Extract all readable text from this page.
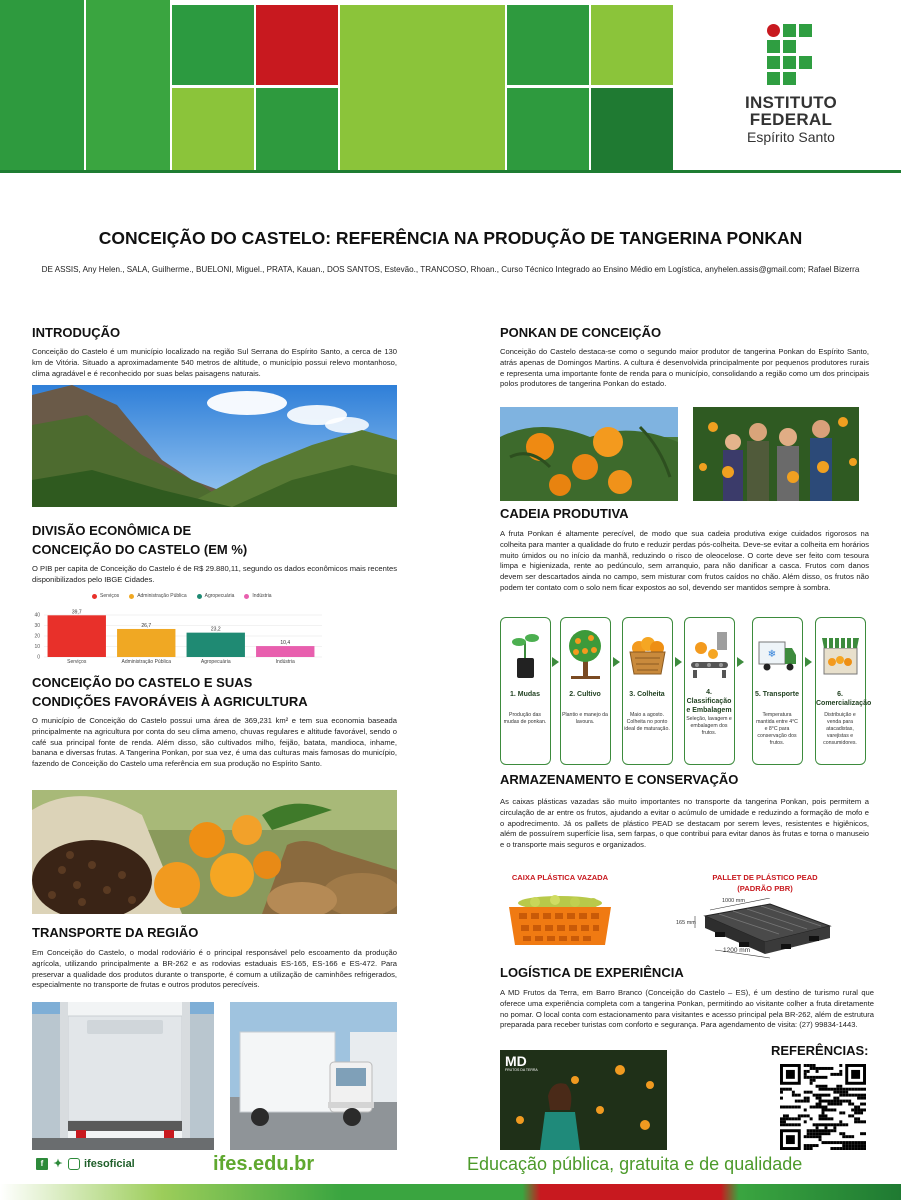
INSTITUTO
FEDERAL
Espírito Santo
CONCEIÇÃO DO CASTELO: REFERÊNCIA NA PRODUÇÃO DE TANGERINA PONKAN
DE ASSIS, Any Helen., SALA, Guilherme., BUELONI, Miguel., PRATA, Kauan., DOS SANTOS, Estevão., TRANCOSO, Rhoan., Curso Técnico Integrado ao Ensino Médio em Logística, anyhelen.assis@gmail.com; Rafael Bizerra
INTRODUÇÃO
Conceição do Castelo é um município localizado na região Sul Serrana do Espírito Santo, a cerca de 130 km de Vitória. Situado a aproximadamente 540 metros de altitude, o município possui relevo montanhoso, clima agradável e é reconhecido por suas belas paisagens naturais.
DIVISÃO ECONÔMICA DE
CONCEIÇÃO DO CASTELO (EM %)
O PIB per capita de Conceição do Castelo é de R$ 29.880,11, segundo os dados econômicos mais recentes disponibilizados pelo IBGE Cidades.
Serviços	Administração Pública	Agropecuária	Indústria
0
10
20
30
40
39,7
Serviços
26,7
Administração Pública
23,2
Agropecuária
10,4
Indústria
CONCEIÇÃO DO CASTELO E SUAS
CONDIÇÕES FAVORÁVEIS À AGRICULTURA
O município de Conceição do Castelo possui uma área de 369,231 km² e tem sua economia baseada principalmente na agricultura por conta do seu clima ameno, chuvas regulares e altitude favorável, sendo o café sua principal fonte de renda. Além disso, são cultivados milho, feijão, batata, mandioca, inhame, banana e diversas frutas. A Tangerina Ponkan, por sua vez, é uma das culturas mais famosas do município, fazendo de Conceição do Castelo uma referência em sua produção no Espírito Santo.
TRANSPORTE DA REGIÃO
Em Conceição do Castelo, o modal rodoviário é o principal responsável pelo escoamento da produção agrícola, utilizando principalmente a BR-262 e as rodovias estaduais ES-165, ES-166 e ES-472. Para preservar a qualidade dos produtos durante o transporte, é comum a utilização de caminhões refrigerados, especialmente no transporte de frutas e outros produtos perecíveis.
PONKAN DE CONCEIÇÃO
Conceição do Castelo destaca-se como o segundo maior produtor de tangerina Ponkan do Espírito Santo, atrás apenas de Domingos Martins. A cultura é desenvolvida principalmente por pequenos produtores rurais e representa uma importante fonte de renda para o município, consolidando a região como um dos principais polos produtores de tangerina Ponkan do estado.
CADEIA PRODUTIVA
A fruta Ponkan é altamente perecível, de modo que sua cadeia produtiva exige cuidados rigorosos na colheita para manter a qualidade do fruto e reduzir perdas pós-colheita. Deve-se evitar a colheita em horários muito úmidos ou no início da manhã, reduzindo o risco de oleocelose. O corte deve ser feito com tesoura limpa e higienizada, rente ao pedúnculo, sem arranquio, para não danificar a casca. Frutos com danos devem ser descartados ainda no campo, sem misturar com frutos caídos no chão. Além disso, os frutos não podem ter contato com o solo nem ficar expostos ao sol, devendo ser mantidos sempre à sombra.
1. Mudas
Produção das mudas de ponkan.
2. Cultivo
Plantio e manejo da lavoura.
3. Colheita
Maio a agosto. Colheita no ponto ideal de maturação.
4. Classificação e Embalagem
Seleção, lavagem e embalagem dos frutos.
❄
5. Transporte
Temperatura mantida entre 4°C e 8°C para conservação dos frutos.
6. Comercialização
Distribuição e venda para atacadistas, varejistas e consumidores.
ARMAZENAMENTO E CONSERVAÇÃO
As caixas plásticas vazadas são muito importantes no transporte da tangerina Ponkan, pois permitem a circulação de ar entre os frutos, ajudando a evitar o acúmulo de umidade e reduzindo a formação de mofo e o apodrecimento. Já os pallets de plástico PEAD se destacam por serem leves, resistentes e higiênicos, além de possuírem superfície lisa, sem farpas, o que contribui para evitar danos às frutas e torna o manuseio e o transporte mais seguros e organizados.
CAIXA PLÁSTICA VAZADA	PALLET DE PLÁSTICO PEAD
(PADRÃO PBR)
1000 mm
165 mm
1200 mm
LOGÍSTICA DE EXPERIÊNCIA
A MD Frutos da Terra, em Barro Branco (Conceição do Castelo – ES), é um destino de turismo rural que oferece uma experiência completa com a tangerina Ponkan, permitindo ao visitante colher a fruta diretamente no pomar. O local conta com estacionamento para visitantes e acesso principal pela BR-262, além de estrutura preparada para receber turistas com conforto e segurança. Para agendamento de visita: (27) 99834-1443.
MD
FRUTOS DA TERRA
REFERÊNCIAS:
f ✦ ifesoficial	ifes.edu.br	Educação pública, gratuita e de qualidade
